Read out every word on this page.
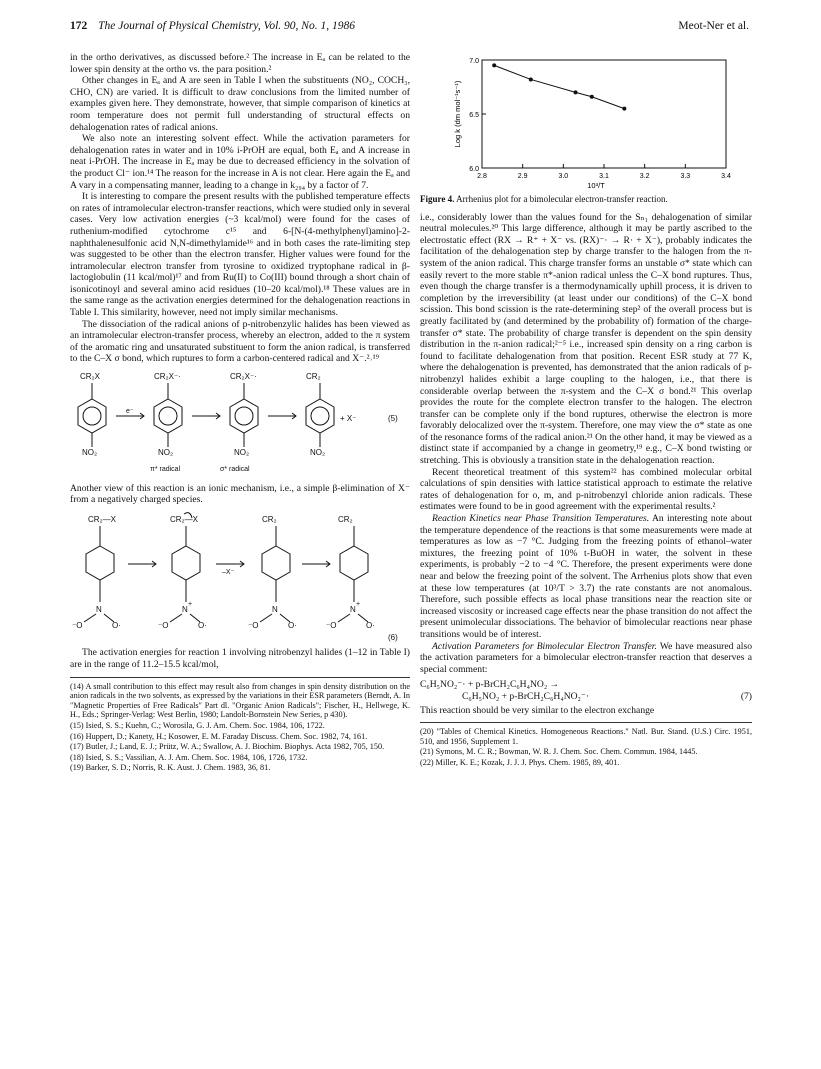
172 The Journal of Physical Chemistry, Vol. 90, No. 1, 1986	Meot-Ner et al.

in the ortho derivatives, as discussed before.² The increase in Eₐ can be related to the lower spin density at the ortho vs. the para position.²

Other changes in Eₐ and A are seen in Table I when the substituents (NO₂, COCH₃, CHO, CN) are varied. It is difficult to draw conclusions from the limited number of examples given here. They demonstrate, however, that simple comparison of kinetics at room temperature does not permit full understanding of structural effects on dehalogenation rates of radical anions.

We also note an interesting solvent effect. While the activation parameters for dehalogenation rates in water and in 10% i-PrOH are equal, both Eₐ and A increase in neat i-PrOH. The increase in Eₐ may be due to decreased efficiency in the solvation of the product Cl⁻ ion.¹⁴ The reason for the increase in A is not clear. Here again the Eₐ and A vary in a compensating manner, leading to a change in k₂₉₄ by a factor of 7.

It is interesting to compare the present results with the published temperature effects on rates of intramolecular electron-transfer reactions, which were studied only in several cases. Very low activation energies (~3 kcal/mol) were found for the cases of ruthenium-modified cytochrome c¹⁵ and 6-[N-(4-methylphenyl)amino]-2-naphthalenesulfonic acid N,N-dimethylamide¹⁶ and in both cases the rate-limiting step was suggested to be other than the electron transfer. Higher values were found for the intramolecular electron transfer from tyrosine to oxidized tryptophane radical in β-lactoglobulin (11 kcal/mol)¹⁷ and from Ru(II) to Co(III) bound through a short chain of isonicotinoyl and several amino acid residues (10–20 kcal/mol).¹⁸ These values are in the same range as the activation energies determined for the dehalogenation reactions in Table I. This similarity, however, need not imply similar mechanisms.

The dissociation of the radical anions of p-nitrobenzylic halides has been viewed as an intramolecular electron-transfer process, whereby an electron, added to the π system of the aromatic ring and unsaturated substituent to form the anion radical, is transferred to the C–X σ bond, which ruptures to form a carbon-centered radical and X⁻.²˒¹⁹

CR₂X	CR₂X⁻·	CR₂X⁻·	CR₂
NO₂	NO₂	NO₂	NO₂
e⁻
+ X⁻	(5)
π* radical	σ* radical

Another view of this reaction is an ionic mechanism, i.e., a simple β-elimination of X⁻ from a negatively charged species.

CR₂—X	CR₂—X	CR₂	CR₂
–X⁻
N	N	N	N
+	+
⁻O	O·	⁻O	O·	⁻O	O·	⁻O	O·
(6)

The activation energies for reaction 1 involving nitrobenzyl halides (1–12 in Table I) are in the range of 11.2–15.5 kcal/mol,

(14) A small contribution to this effect may result also from changes in spin density distribution on the anion radicals in the two solvents, as expressed by the variations in their ESR parameters (Berndt, A. In "Magnetic Properties of Free Radicals" Part dl. "Organic Anion Radicals"; Fischer, H., Hellwege, K. H., Eds.; Springer-Verlag: West Berlin, 1980; Landolt-Bornstein New Series, p 430).
(15) Isied, S. S.; Kuehn, C.; Worosila, G. J. Am. Chem. Soc. 1984, 106, 1722.
(16) Huppert, D.; Kanety, H.; Kosower, E. M. Faraday Discuss. Chem. Soc. 1982, 74, 161.
(17) Butler, J.; Land, E. J.; Prütz, W. A.; Swallow, A. J. Biochim. Biophys. Acta 1982, 705, 150.
(18) Isied, S. S.; Vassilian, A. J. Am. Chem. Soc. 1984, 106, 1726, 1732.
(19) Barker, S. D.; Norris, R. K. Aust. J. Chem. 1983, 36, 81.
2.8	2.9	3.0	3.1	3.2	3.3	3.4
6.0
6.5
7.0
10³/T
Log k (dm mol⁻¹s⁻¹)
Figure 4. Arrhenius plot for a bimolecular electron-transfer reaction.

i.e., considerably lower than the values found for the Sₙ₁ dehalogenation of similar neutral molecules.²⁰ This large difference, although it may be partly ascribed to the electrostatic effect (RX → R⁺ + X⁻ vs. (RX)⁻· → R· + X⁻), probably indicates the facilitation of the dehalogenation step by charge transfer to the halogen from the π-system of the anion radical. This charge transfer forms an unstable σ* state which can easily revert to the more stable π*-anion radical unless the C–X bond ruptures. Thus, even though the charge transfer is a thermodynamically uphill process, it is driven to completion by the irreversibility (at least under our conditions) of the C–X bond scission. This bond scission is the rate-determining step² of the overall process but is greatly facilitated by (and determined by the probability of) formation of the charge-transfer σ* state. The probability of charge transfer is dependent on the spin density distribution in the π-anion radical;²⁻⁵ i.e., increased spin density on a ring carbon is found to facilitate dehalogenation from that position. Recent ESR study at 77 K, where the dehalogenation is prevented, has demonstrated that the anion radicals of p-nitrobenzyl halides exhibit a large coupling to the halogen, i.e., that there is considerable overlap between the π-system and the C–X σ bond.²¹ This overlap provides the route for the complete electron transfer to the halogen. The electron transfer can be complete only if the bond ruptures, otherwise the electron is more favorably delocalized over the π-system. Therefore, one may view the σ* state as one of the resonance forms of the radical anion.²¹ On the other hand, it may be viewed as a distinct state if accompanied by a change in geometry,¹⁹ e.g., C–X bond twisting or stretching. This is obviously a transition state in the dehalogenation reaction.

Recent theoretical treatment of this system²² has combined molecular orbital calculations of spin densities with lattice statistical approach to estimate the relative rates of dehalogenation for o, m, and p-nitrobenzyl chloride anion radicals. These estimates were found to be in good agreement with the experimental results.²

Reaction Kinetics near Phase Transition Temperatures. An interesting note about the temperature dependence of the reactions is that some measurements were made at temperatures as low as −7 °C. Judging from the freezing points of ethanol–water mixtures, the freezing point of 10% t-BuOH in water, the solvent in these experiments, is probably −2 to −4 °C. Therefore, the present experiments were done near and below the freezing point of the solvent. The Arrhenius plots show that even at these low temperatures (at 10³/T > 3.7) the rate constants are not anomalous. Therefore, such possible effects as local phase transitions near the reaction site or increased viscosity or increased cage effects near the phase transition do not affect the present unimolecular dissociations. The behavior of bimolecular reactions near phase transitions would be of interest.

Activation Parameters for Bimolecular Electron Transfer. We have measured also the activation parameters for a bimolecular electron-transfer reaction that deserves a special comment:

C₆H₅NO₂⁻· + p-BrCH₂C₆H₄NO₂ →
C₆H₅NO₂ + p-BrCH₂C₆H₄NO₂⁻·	(7)

This reaction should be very similar to the electron exchange

(20) "Tables of Chemical Kinetics. Homogeneous Reactions." Natl. Bur. Stand. (U.S.) Circ. 1951, 510, and 1956, Supplement 1.
(21) Symons, M. C. R.; Bowman, W. R. J. Chem. Soc. Chem. Commun. 1984, 1445.
(22) Miller, K. E.; Kozak, J. J. J. Phys. Chem. 1985, 89, 401.
